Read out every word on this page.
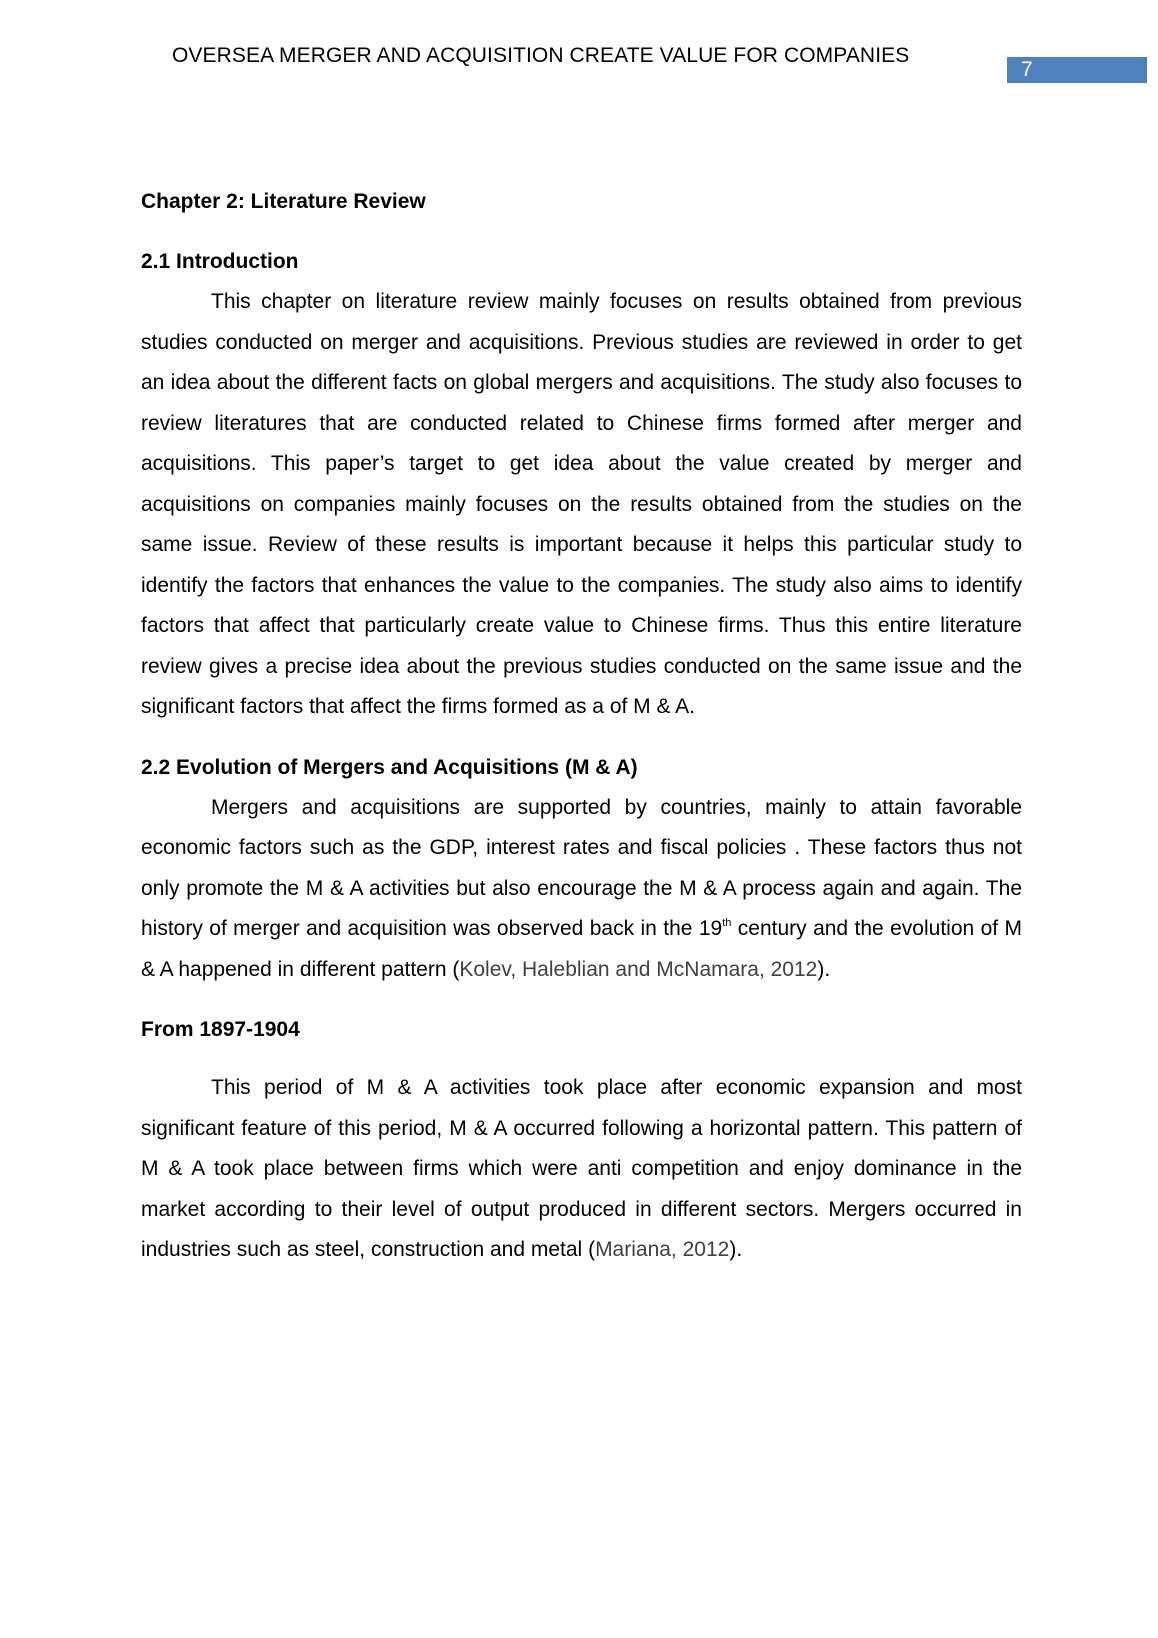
OVERSEA MERGER AND ACQUISITION CREATE VALUE FOR COMPANIES
7
Chapter 2: Literature Review
2.1 Introduction

This chapter on literature review mainly focuses on results obtained from previous studies conducted on merger and acquisitions. Previous studies are reviewed in order to get an idea about the different facts on global mergers and acquisitions. The study also focuses to review literatures that are conducted related to Chinese firms formed after merger and acquisitions. This paper’s target to get idea about the value created by merger and acquisitions on companies mainly focuses on the results obtained from the studies on the same issue. Review of these results is important because it helps this particular study to identify the factors that enhances the value to the companies. The study also aims to identify factors that affect that particularly create value to Chinese firms. Thus this entire literature review gives a precise idea about the previous studies conducted on the same issue and the significant factors that affect the firms formed as a of M & A.

2.2 Evolution of Mergers and Acquisitions (M & A)

Mergers and acquisitions are supported by countries, mainly to attain favorable economic factors such as the GDP, interest rates and fiscal policies . These factors thus not only promote the M & A activities but also encourage the M & A process again and again. The history of merger and acquisition was observed back in the 19th century and the evolution of M & A happened in different pattern (Kolev, Haleblian and McNamara, 2012).

From 1897-1904

This period of M & A activities took place after economic expansion and most significant feature of this period, M & A occurred following a horizontal pattern. This pattern of M & A took place between firms which were anti competition and enjoy dominance in the market according to their level of output produced in different sectors. Mergers occurred in industries such as steel, construction and metal (Mariana, 2012).
